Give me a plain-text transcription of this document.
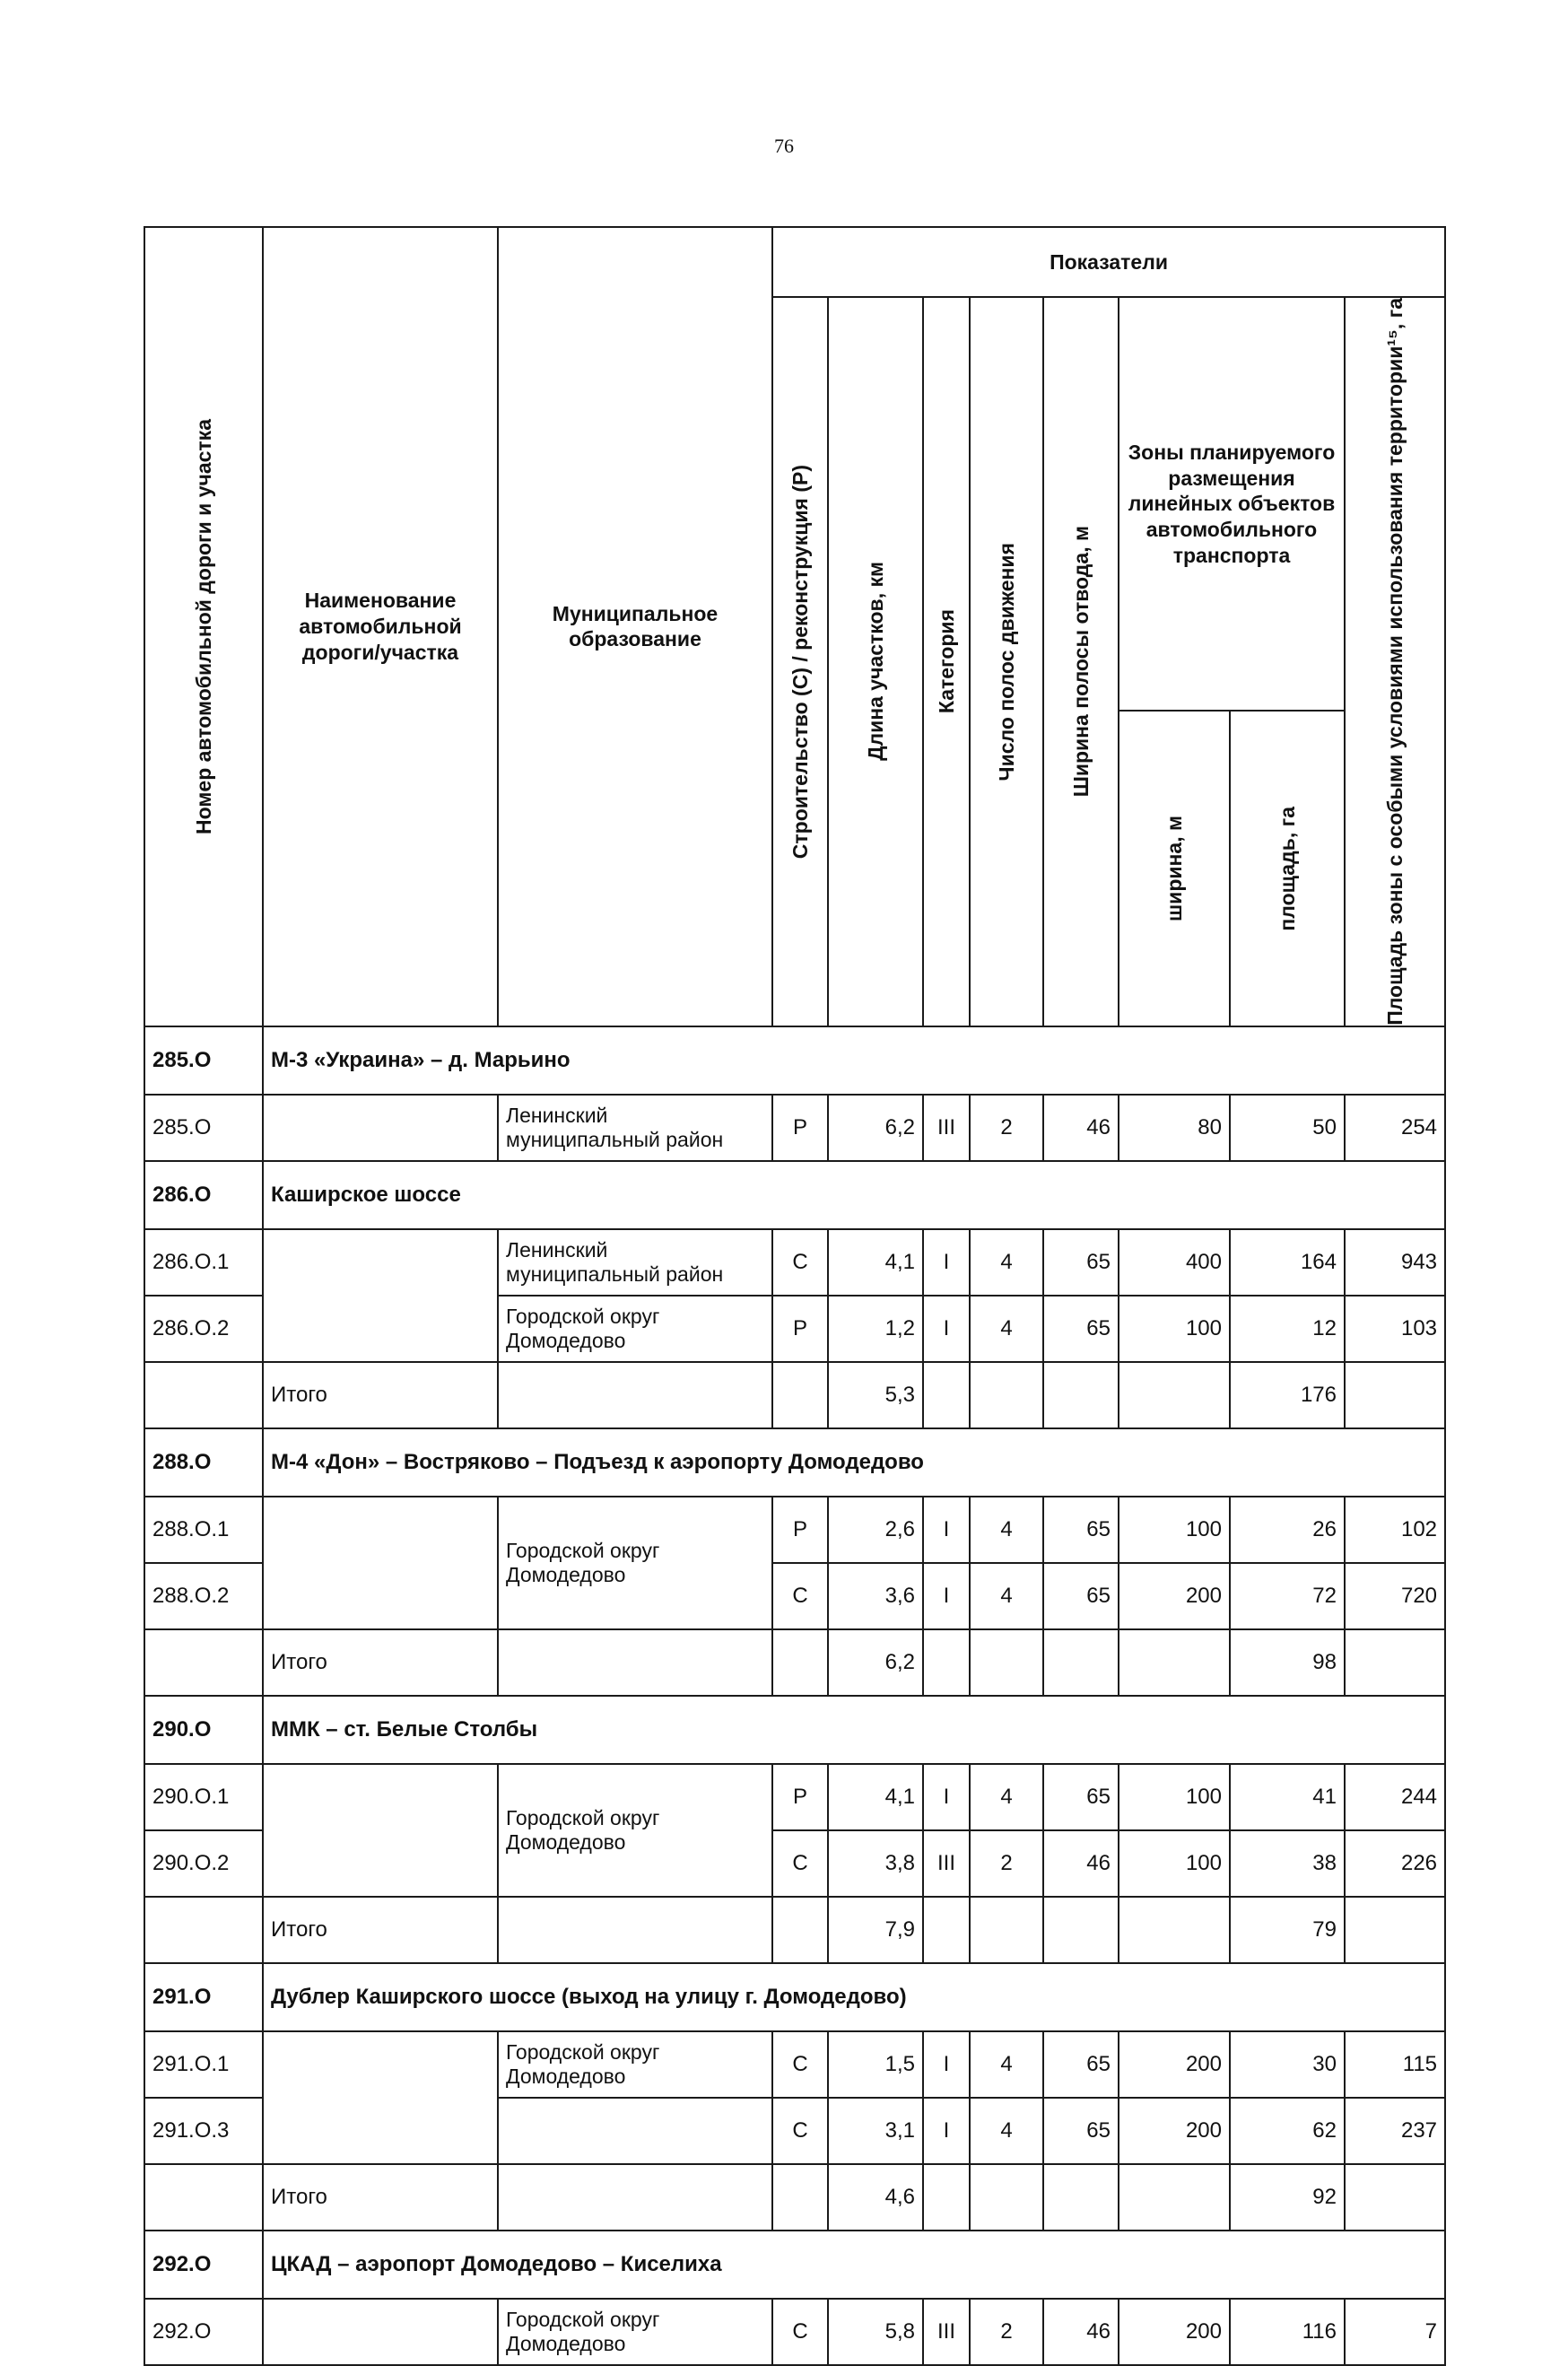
76
Номер автомобильной дороги и участка	Наименование автомобильной дороги/участка	Муниципальное образование	Показатели							

			Строительство (С) / реконструкция (Р)	Длина участков, км	Категория	Число полос движения	Ширина полосы отвода, м	Зоны планируемого размещения линейных объектов автомобильного транспорта		Площадь зоны с особыми условиями использования территории¹⁵, га

								ширина, м	площадь, га	

285.О	М-3 «Украина» – д. Марьино									
285.О		Ленинский муниципальный район	Р	6,2	III	2	46	80	50	254
286.О	Каширское шоссе									
286.О.1		Ленинский муниципальный район	С	4,1	I	4	65	400	164	943
286.О.2		Городской округ Домодедово	Р	1,2	I	4	65	100	12	103
	Итого			5,3					176	
288.О	М-4 «Дон» – Востряково – Подъезд к аэропорту Домодедово									
288.О.1		Городской округ Домодедово	Р	2,6	I	4	65	100	26	102
288.О.2			С	3,6	I	4	65	200	72	720
	Итого			6,2					98	
290.О	ММК – ст. Белые Столбы									
290.О.1		Городской округ Домодедово	Р	4,1	I	4	65	100	41	244
290.О.2			С	3,8	III	2	46	100	38	226
	Итого			7,9					79	
291.О	Дублер Каширского шоссе (выход на улицу г. Домодедово)									
291.О.1		Городской округ Домодедово	С	1,5	I	4	65	200	30	115
291.О.3			С	3,1	I	4	65	200	62	237
	Итого			4,6					92	
292.О	ЦКАД – аэропорт Домодедово – Киселиха									
292.О		Городской округ Домодедово	С	5,8	III	2	46	200	116	7
